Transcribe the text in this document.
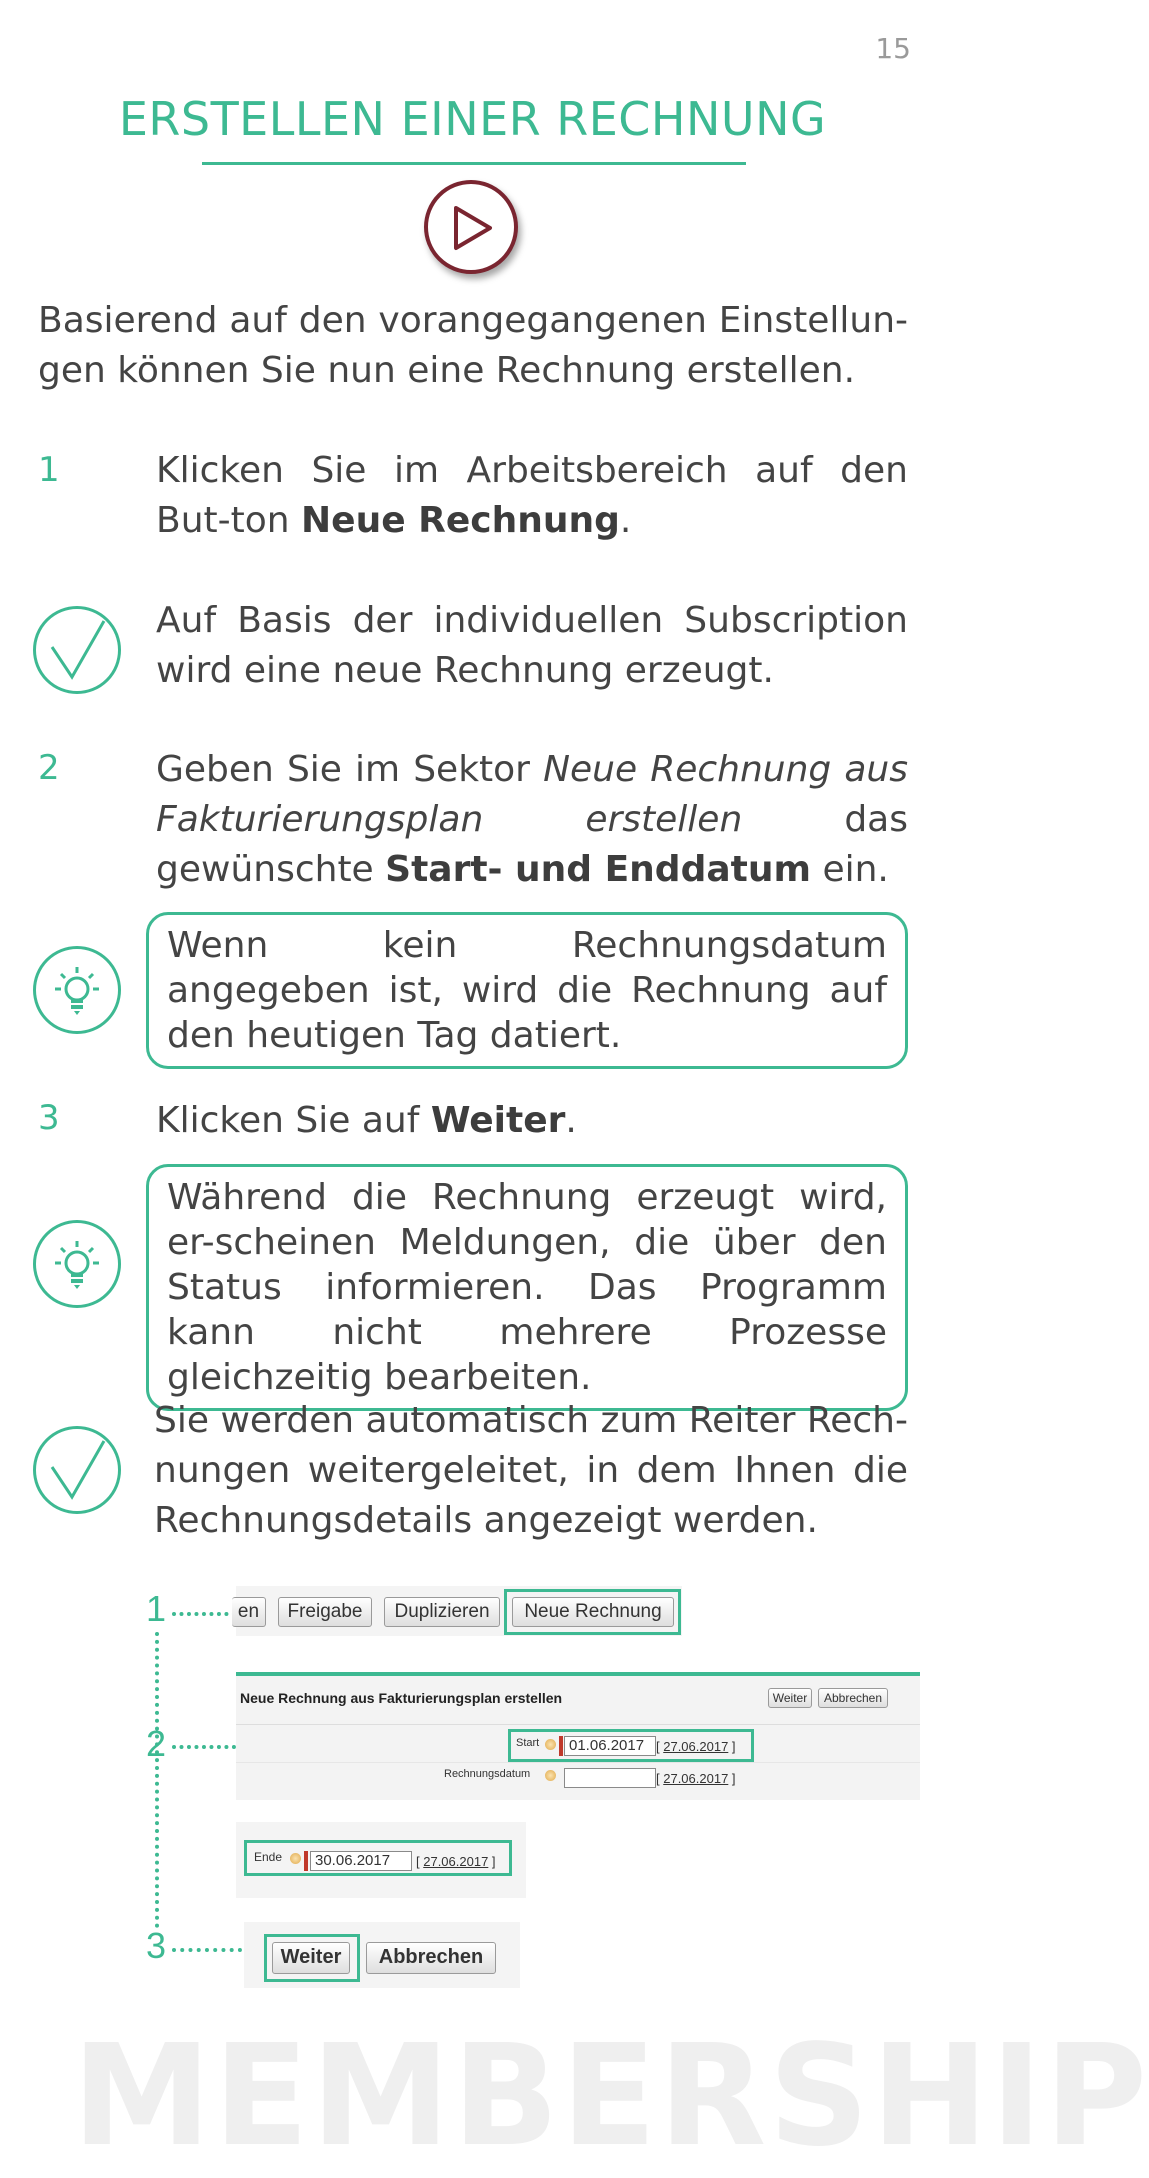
15
ERSTELLEN EINER RECHNUNG

Basierend auf den vorangegangenen Einstellun-gen können Sie nun eine Rechnung erstellen.

1	Klicken Sie im Arbeitsbereich auf den But-ton Neue Rechnung.

Auf Basis der individuellen Subscription wird eine neue Rechnung erzeugt.

2	Geben Sie im Sektor Neue Rechnung aus Fakturierungsplan erstellen das gewünschte Start- und Enddatum ein.

Wenn kein Rechnungsdatum angegeben ist, wird die Rechnung auf den heutigen Tag datiert.
3	Klicken Sie auf Weiter.

Während die Rechnung erzeugt wird, er-scheinen Meldungen, die über den Status informieren. Das Programm kann nicht mehrere Prozesse gleichzeitig bearbeiten.

Sie werden automatisch zum Reiter Rech-nungen weitergeleitet, in dem Ihnen die Rechnungsdetails angezeigt werden.

1
2
3
en	Freigabe	Duplizieren	Neue Rechnung
Neue Rechnung aus Fakturierungsplan erstellen	Weiter	Abbrechen
Start	01.06.2017 [ 27.06.2017 ]
Rechnungsdatum	[ 27.06.2017 ]
Ende	30.06.2017	[ 27.06.2017 ]
Weiter	Abbrechen
MEMBERSHIP
